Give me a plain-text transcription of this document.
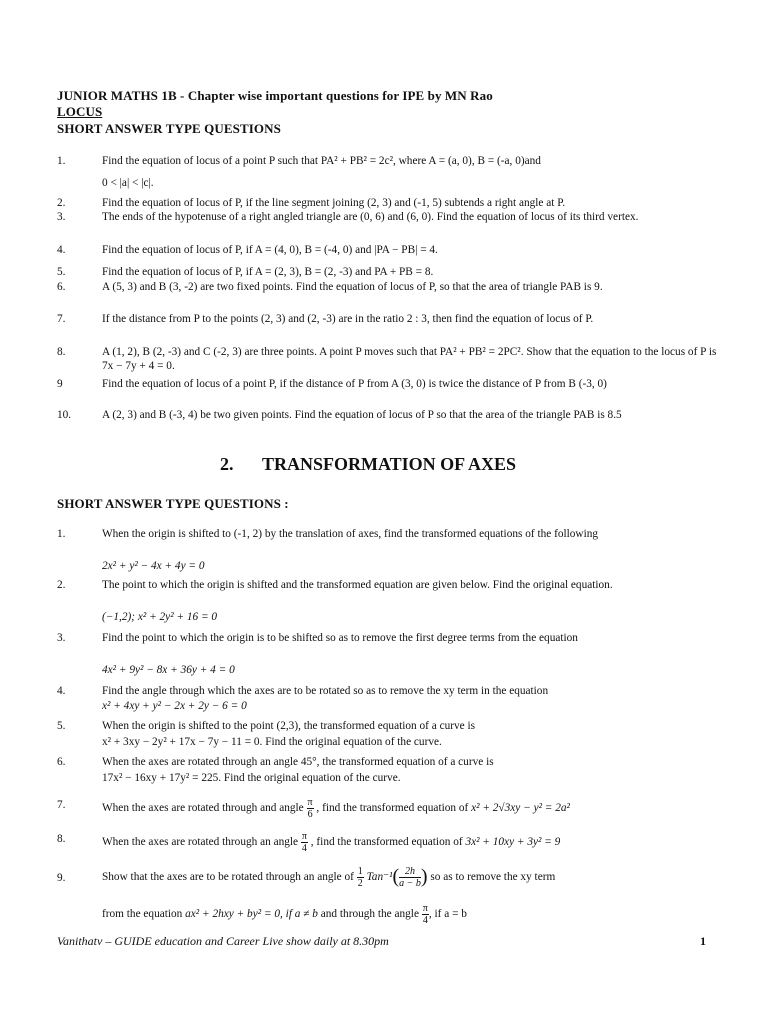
JUNIOR MATHS 1B - Chapter wise important questions for IPE by MN Rao
LOCUS
SHORT ANSWER TYPE QUESTIONS
1.	Find the equation of locus of a point P such that PA² + PB² = 2c², where A = (a, 0), B = (-a, 0)and
0 < |a| < |c|.
2.	Find the equation of locus of P, if the line segment joining (2, 3) and (-1, 5) subtends a right angle at P.
3.	The ends of the hypotenuse of a right angled triangle are (0, 6) and (6, 0). Find the equation of locus of its third vertex.
4.	Find the equation of locus of P, if A = (4, 0), B = (-4, 0) and |PA − PB| = 4.
5.	Find the equation of locus of P, if A = (2, 3), B = (2, -3) and PA + PB = 8.
6.	A (5, 3) and B (3, -2) are two fixed points. Find the equation of locus of P, so that the area of triangle PAB is 9.
7.	If the distance from P to the points (2, 3) and (2, -3) are in the ratio 2 : 3, then find the equation of locus of P.
8.	A (1, 2), B (2, -3) and C (-2, 3) are three points. A point P moves such that PA² + PB² = 2PC². Show that the equation to the locus of P is 7x − 7y + 4 = 0.
9	Find the equation of locus of a point P, if the distance of P from A (3, 0) is twice the distance of P from B (-3, 0)
10.	A (2, 3) and B (-3, 4) be two given points. Find the equation of locus of P so that the area of the triangle PAB is 8.5
2. TRANSFORMATION OF AXES
SHORT ANSWER TYPE QUESTIONS :
1.	When the origin is shifted to (-1, 2) by the translation of axes, find the transformed equations of the following
2x² + y² − 4x + 4y = 0
2.	The point to which the origin is shifted and the transformed equation are given below. Find the original equation.
(−1,2); x² + 2y² + 16 = 0
3.	Find the point to which the origin is to be shifted so as to remove the first degree terms from the equation
4x² + 9y² − 8x + 36y + 4 = 0
4.	Find the angle through which the axes are to be rotated so as to remove the xy term in the equation
x² + 4xy + y² − 2x + 2y − 6 = 0
5.	When the origin is shifted to the point (2,3), the transformed equation of a curve is
x² + 3xy − 2y² + 17x − 7y − 11 = 0. Find the original equation of the curve.
6.	When the axes are rotated through an angle 45°, the transformed equation of a curve is
17x² − 16xy + 17y² = 225. Find the original equation of the curve.
7.	When the axes are rotated through and angle $\frac{\pi}{6}$ , find the transformed equation of x² + 2√3xy − y² = 2a²
8.	When the axes are rotated through an angle $\frac{\pi}{4}$ , find the transformed equation of 3x² + 10xy + 3y² = 9
9.	Show that the axes are to be rotated through an angle of $\frac{1}{2} Tan^{-1}( \frac{2h}{a - b}$ ) so as to remove the xy term
from the equation ax² + 2hxy + by² = 0, if a ≠ b and through the angle $\frac{\pi}{4}$ , if a = b
Vanithatv – GUIDE education and Career Live show daily at 8.30pm	1
